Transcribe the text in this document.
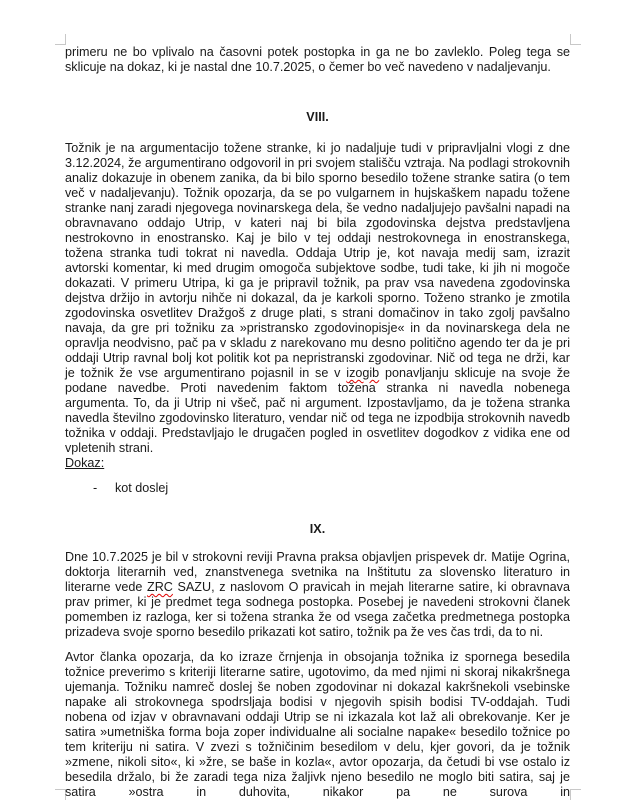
primeru ne bo vplivalo na časovni potek postopka in ga ne bo zavleklo. Poleg tega se sklicuje na dokaz, ki je nastal dne 10.7.2025, o čemer bo več navedeno v nadaljevanju.

VIII.

Tožnik je na argumentacijo tožene stranke, ki jo nadaljuje tudi v pripravljalni vlogi z dne 3.12.2024, že argumentirano odgovoril in pri svojem stališču vztraja. Na podlagi strokovnih analiz dokazuje in obenem zanika, da bi bilo sporno besedilo tožene stranke satira (o tem več v nadaljevanju). Tožnik opozarja, da se po vulgarnem in hujskaškem napadu tožene stranke nanj zaradi njegovega novinarskega dela, še vedno nadaljujejo pavšalni napadi na obravnavano oddajo Utrip, v kateri naj bi bila zgodovinska dejstva predstavljena nestrokovno in enostransko. Kaj je bilo v tej oddaji nestrokovnega in enostranskega, tožena stranka tudi tokrat ni navedla. Oddaja Utrip je, kot navaja medij sam, izrazit avtorski komentar, ki med drugim omogoča subjektove sodbe, tudi take, ki jih ni mogoče dokazati. V primeru Utripa, ki ga je pripravil tožnik, pa prav vsa navedena zgodovinska dejstva držijo in avtorju nihče ni dokazal, da je karkoli sporno. Toženo stranko je zmotila zgodovinska osvetlitev Dražgoš z druge plati, s strani domačinov in tako zgolj pavšalno navaja, da gre pri tožniku za »pristransko zgodovinopisje« in da novinarskega dela ne opravlja neodvisno, pač pa v skladu z narekovano mu desno politično agendo ter da je pri oddaji Utrip ravnal bolj kot politik kot pa nepristranski zgodovinar. Nič od tega ne drži, kar je tožnik že vse argumentirano pojasnil in se v izogib ponavljanju sklicuje na svoje že podane navedbe. Proti navedenim faktom tožena stranka ni navedla nobenega argumenta. To, da ji Utrip ni všeč, pač ni argument. Izpostavljamo, da je tožena stranka navedla številno zgodovinsko literaturo, vendar nič od tega ne izpodbija strokovnih navedb tožnika v oddaji. Predstavljajo le drugačen pogled in osvetlitev dogodkov z vidika ene od vpletenih strani.

Dokaz:

-	kot doslej
IX.

Dne 10.7.2025 je bil v strokovni reviji Pravna praksa objavljen prispevek dr. Matije Ogrina, doktorja literarnih ved, znanstvenega svetnika na Inštitutu za slovensko literaturo in literarne vede ZRC SAZU, z naslovom O pravicah in mejah literarne satire, ki obravnava prav primer, ki je predmet tega sodnega postopka. Posebej je navedeni strokovni članek pomemben iz razloga, ker si tožena stranka že od vsega začetka predmetnega postopka prizadeva svoje sporno besedilo prikazati kot satiro, tožnik pa že ves čas trdi, da to ni.

Avtor članka opozarja, da ko izraze črnjenja in obsojanja tožnika iz spornega besedila tožnice preverimo s kriteriji literarne satire, ugotovimo, da med njimi ni skoraj nikakršnega ujemanja. Tožniku namreč doslej še noben zgodovinar ni dokazal kakršnekoli vsebinske napake ali strokovnega spodrsljaja bodisi v njegovih spisih bodisi TV-oddajah. Tudi nobena od izjav v obravnavani oddaji Utrip se ni izkazala kot laž ali obrekovanje. Ker je satira »umetniška forma boja zoper individualne ali socialne napake« besedilo tožnice po tem kriteriju ni satira. V zvezi s tožničinim besedilom v delu, kjer govori, da je tožnik »zmene, nikoli sito«, ki »žre, se baše in kozla«, avtor opozarja, da četudi bi vse ostalo iz besedila držalo, bi že zaradi tega niza žaljivk njeno besedilo ne moglo biti satira, saj je satira »ostra in duhovita, nikakor pa ne surova in
